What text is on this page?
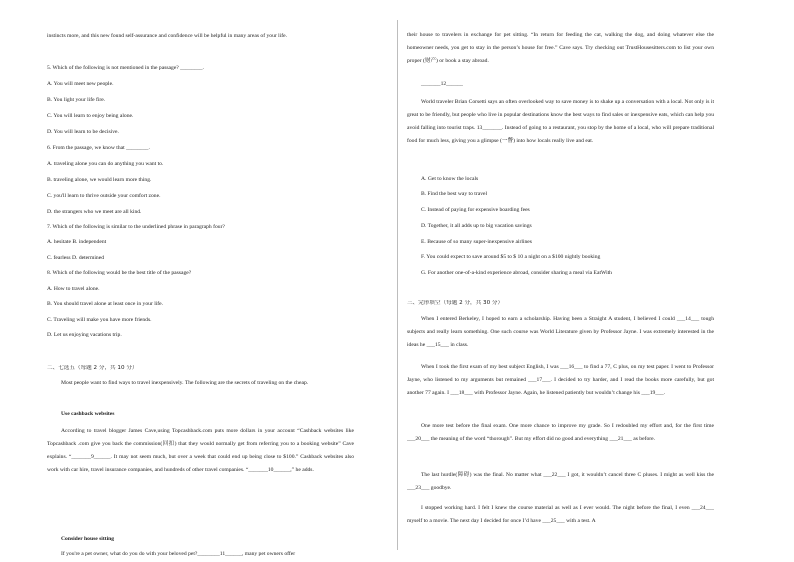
instincts more, and this new found self-assurance and confidence will be helpful in many areas of your life.

5. Which of the following is not mentioned in the passage? ________.

A. You will meet new people.

B. You light your life fire.

C. You will learn to enjoy being alone.

D. You will learn to be decisive.

6. From the passage, we know that ________.

A. traveling alone you can do anything you want to.

B. traveling alone, we would learn more thing.

C. you'll learn to thrive outside your comfort zone.

D. the strangers who we meet are all kind.

7. Which of the following is similar to the underlined phrase in paragraph four?

A. hesitate B. independent

C. fearless D. determined

8. Which of the following would be the best title of the passage?

A. How to travel alone.

B. You should travel alone at least once in your life.

C. Traveling will make you have more friends.

D. Let us enjoying vacations trip.

二、七选五（每题 2 分，共 10 分）

Most people want to find ways to travel inexpensively. The following are the secrets of traveling on the cheap.

Use cashback websites

According to travel blogger James Cave,using Topcashback.com puts more dollars in your account “Cashback websites like Topcashback .com give you back the commission(回扣) that they would normally get from referring you to a booking website” Cave explains. “_______9______. It may not seem much, but over a week that could end up being close to $100.” Cashback websites also work with car hire, travel insurance companies, and hundreds of other travel companies. “_______10______,” he adds.

Consider house sitting

If you're a pet owner, what do you do with your beloved pet?________11______, many pet owners offer

their house to travelers in exchange for pet sitting. “In return for feeding the cat, walking the dog, and doing whatever else the homeowner needs, you get to stay in the person’s house for free.” Cave says. Try checking out TrustHousesitters.com to list your own proper (财产) or book a stay abroad.

_______12______

World traveler Brian Corsetti says an often overlooked way to save money is to shake up a conversation with a local. Not only is it great to be friendly, but people who live in popular destinations know the best ways to find sales or inexpensive eats, which can help you avoid falling into tourist traps. 13_______. Instead of going to a restaurant, you stop by the home of a local, who will prepare traditional food for much less, giving you a glimpse (一瞥) into how locals really live and eat.

A. Get to know the locals

B. Find the best way to travel

C. Instead of paying for expensive boarding fees

D. Together, it all adds up to big vacation savings

E. Because of so many super-inexpensive airlines

F. You could expect to save around $5 to $ 10 a night on a $100 nightly booking

G. For another one-of-a-kind experience abroad, consider sharing a meal via EatWith

三、完形填空（每题 2 分，共 30 分）

When I entered Berkeley, I hoped to earn a scholarship. Having been a Straight A student, I believed I could ___14___ tough subjects and really learn something. One such course was World Literature given by Professor Jayne. I was extremely interested in the ideas he ___15___ in class.

When I took the first exam of my best subject English, I was ___16___ to find a 77, C plus, on my test paper. I went to Professor Jayne, who listened to my arguments but remained ___17___. I decided to try harder, and I read the books more carefully, but got another 77 again. I ___18___ with Professor Jayne. Again, he listened patiently but wouldn’t change his ___19___.

One more test before the final exam. One more chance to improve my grade. So I redoubled my effort and, for the first time ___20___ the meaning of the word “thorough”. But my effort did no good and everything ___21___ as before.

The last hurdle(障碍) was the final. No matter what ___22___ I got, it wouldn’t cancel three C pluses. I might as well kiss the ___23___ goodbye.

I stopped working hard. I felt I knew the course material as well as I ever would. The night before the final, I even ___24___ myself to a movie. The next day I decided for once I’d have ___25___ with a test. A
